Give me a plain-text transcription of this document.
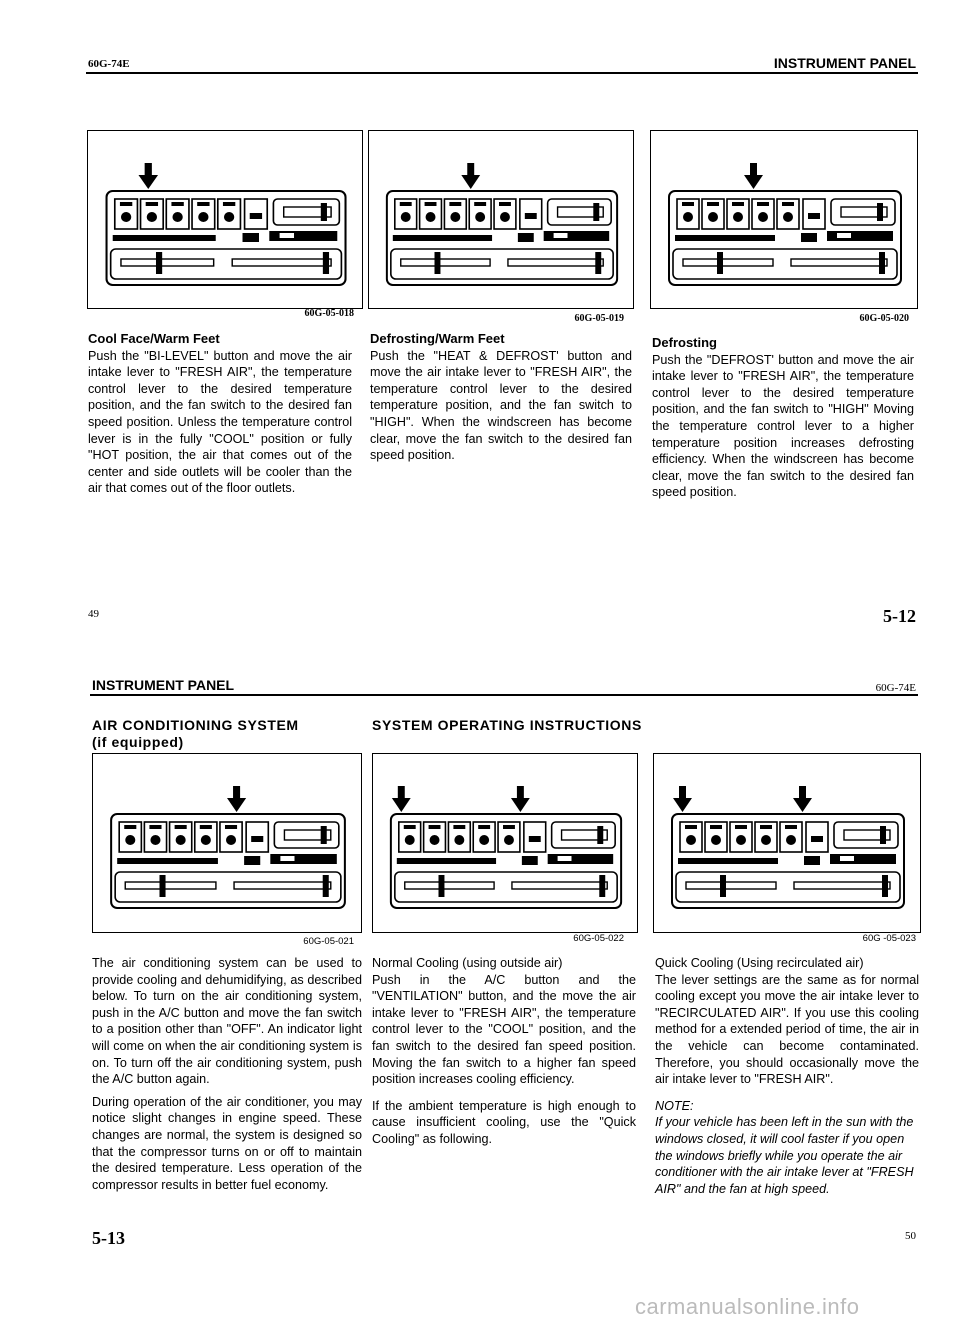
60G-74E	INSTRUMENT PANEL
60G-05-018	60G-05-019	60G-05-020

Cool Face/Warm Feet

Push the "BI-LEVEL" button and move the air intake lever to "FRESH AIR", the temperature control lever to the desired temperature position, and the fan switch to the desired fan speed position. Unless the temperature control lever is in the fully "COOL" position or fully "HOT position, the air that comes out of the center and side outlets will be cooler than the air that comes out of the floor outlets.

Defrosting/Warm Feet

Push the "HEAT & DEFROST' button and move the air intake lever to "FRESH AIR", the temperature control lever to the desired temperature position, and the fan switch to "HIGH". When the windscreen has become clear, move the fan switch to the desired fan speed position.

Defrosting

Push the "DEFROST' button and move the air intake lever to "FRESH AIR", the temperature control lever to the desired temperature position, and the fan switch to "HIGH" Moving the temperature control lever to a higher temperature position increases defrosting efficiency. When the windscreen has become clear, move the fan switch to the desired fan speed position.

49	5-12
INSTRUMENT PANEL	60G-74E
AIR CONDITIONING SYSTEM
(if equipped)
SYSTEM OPERATING INSTRUCTIONS
60G-05-021	60G-05-022	60G -05-023

The air conditioning system can be used to provide cooling and dehumidifying, as described below. To turn on the air conditioning system, push in the A/C button and move the fan switch to a position other than "OFF". An indicator light will come on when the air conditioning system is on. To turn off the air conditioning system, push the A/C button again.

During operation of the air conditioner, you may notice slight changes in engine speed. These changes are normal, the system is designed so that the compressor turns on or off to maintain the desired temperature. Less operation of the compressor results in better fuel economy.

Normal Cooling (using outside air)

Push in the A/C button and the "VENTILATION" button, and the move the air intake lever to "FRESH AIR", the temperature control lever to the "COOL" position, and the fan switch to the desired fan speed position. Moving the fan switch to a higher fan speed position increases cooling efficiency.

If the ambient temperature is high enough to cause insufficient cooling, use the "Quick Cooling" as following.

Quick Cooling (Using recirculated air)

The lever settings are the same as for normal cooling except you move the air intake lever to "RECIRCULATED AIR". If you use this cooling method for a extended period of time, the air in the vehicle can become contaminated. Therefore, you should occasionally move the air intake lever to "FRESH AIR".

NOTE:

If your vehicle has been left in the sun with the windows closed, it will cool faster if you open the windows briefly while you operate the air conditioner with the air intake lever at "FRESH AIR" and the fan at high speed.

5-13	50
carmanualsonline.info
